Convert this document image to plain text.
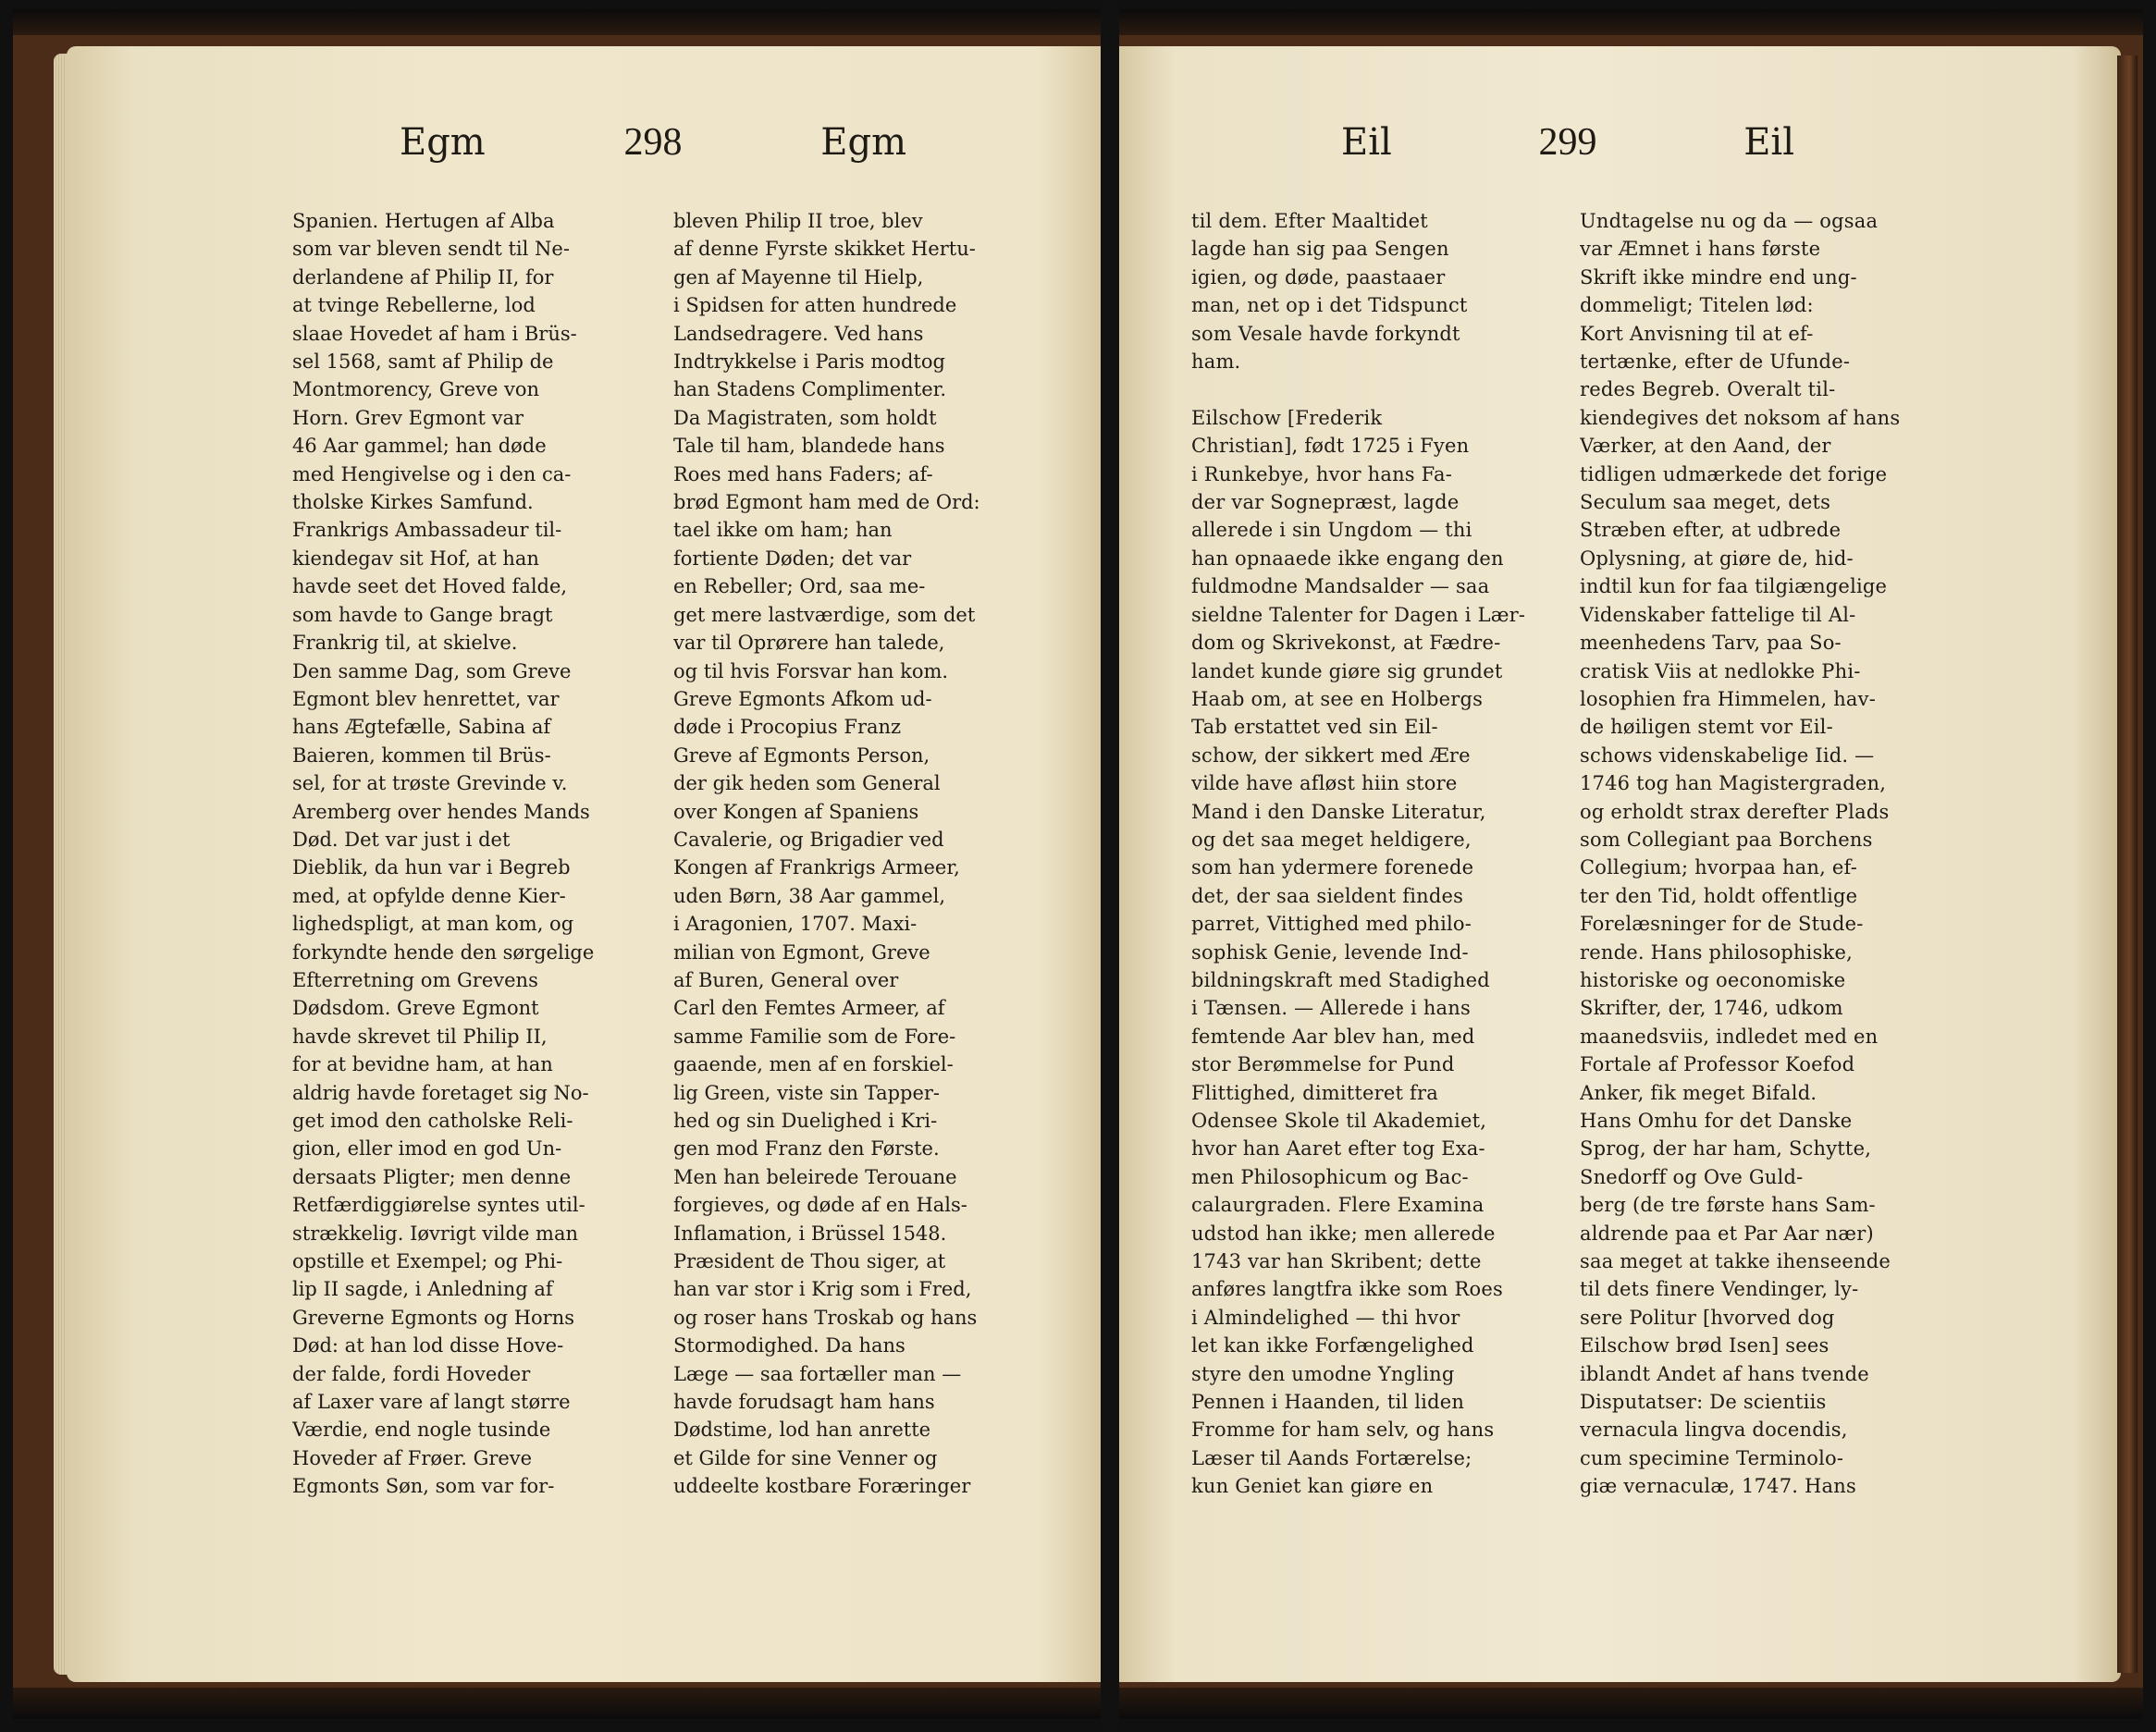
Egm	298	Egm	Eil	299	Eil
Spanien. Hertugen af Alba
som var bleven sendt til Ne-
derlandene af Philip II, for
at tvinge Rebellerne, lod
slaae Hovedet af ham i Brüs-
sel 1568, samt af Philip de
Montmorency, Greve von
Horn. Grev Egmont var
46 Aar gammel; han døde
med Hengivelse og i den ca-
tholske Kirkes Samfund.
Frankrigs Ambassadeur til-
kiendegav sit Hof, at han
havde seet det Hoved falde,
som havde to Gange bragt
Frankrig til, at skielve.
Den samme Dag, som Greve
Egmont blev henrettet, var
hans Ægtefælle, Sabina af
Baieren, kommen til Brüs-
sel, for at trøste Grevinde v.
Aremberg over hendes Mands
Død. Det var just i det
Dieblik, da hun var i Begreb
med, at opfylde denne Kier-
lighedspligt, at man kom, og
forkyndte hende den sørgelige
Efterretning om Grevens
Dødsdom. Greve Egmont
havde skrevet til Philip II,
for at bevidne ham, at han
aldrig havde foretaget sig No-
get imod den catholske Reli-
gion, eller imod en god Un-
dersaats Pligter; men denne
Retfærdiggiørelse syntes util-
strækkelig. Iøvrigt vilde man
opstille et Exempel; og Phi-
lip II sagde, i Anledning af
Greverne Egmonts og Horns
Død: at han lod disse Hove-
der falde, fordi Hoveder
af Laxer vare af langt større
Værdie, end nogle tusinde
Hoveder af Frøer. Greve
Egmonts Søn, som var for-
bleven Philip II troe, blev
af denne Fyrste skikket Hertu-
gen af Mayenne til Hielp,
i Spidsen for atten hundrede
Landsedragere. Ved hans
Indtrykkelse i Paris modtog
han Stadens Complimenter.
Da Magistraten, som holdt
Tale til ham, blandede hans
Roes med hans Faders; af-
brød Egmont ham med de Ord:
tael ikke om ham; han
fortiente Døden; det var
en Rebeller; Ord, saa me-
get mere lastværdige, som det
var til Oprørere han talede,
og til hvis Forsvar han kom.
Greve Egmonts Afkom ud-
døde i Procopius Franz
Greve af Egmonts Person,
der gik heden som General
over Kongen af Spaniens
Cavalerie, og Brigadier ved
Kongen af Frankrigs Armeer,
uden Børn, 38 Aar gammel,
i Aragonien, 1707. Maxi-
milian von Egmont, Greve
af Buren, General over
Carl den Femtes Armeer, af
samme Familie som de Fore-
gaaende, men af en forskiel-
lig Green, viste sin Tapper-
hed og sin Duelighed i Kri-
gen mod Franz den Første.
Men han beleirede Terouane
forgieves, og døde af en Hals-
Inflamation, i Brüssel 1548.
Præsident de Thou siger, at
han var stor i Krig som i Fred,
og roser hans Troskab og hans
Stormodighed. Da hans
Læge — saa fortæller man —
havde forudsagt ham hans
Dødstime, lod han anrette
et Gilde for sine Venner og
uddeelte kostbare Foræringer
til dem. Efter Maaltidet
lagde han sig paa Sengen
igien, og døde, paastaaer
man, net op i det Tidspunct
som Vesale havde forkyndt
ham.

Eilschow [Frederik
Christian], født 1725 i Fyen
i Runkebye, hvor hans Fa-
der var Sognepræst, lagde
allerede i sin Ungdom — thi
han opnaaede ikke engang den
fuldmodne Mandsalder — saa
sieldne Talenter for Dagen i Lær-
dom og Skrivekonst, at Fædre-
landet kunde giøre sig grundet
Haab om, at see en Holbergs
Tab erstattet ved sin Eil-
schow, der sikkert med Ære
vilde have afløst hiin store
Mand i den Danske Literatur,
og det saa meget heldigere,
som han ydermere forenede
det, der saa sieldent findes
parret, Vittighed med philo-
sophisk Genie, levende Ind-
bildningskraft med Stadighed
i Tænsen. — Allerede i hans
femtende Aar blev han, med
stor Berømmelse for Pund
Flittighed, dimitteret fra
Odensee Skole til Akademiet,
hvor han Aaret efter tog Exa-
men Philosophicum og Bac-
calaurgraden. Flere Examina
udstod han ikke; men allerede
1743 var han Skribent; dette
anføres langtfra ikke som Roes
i Almindelighed — thi hvor
let kan ikke Forfængelighed
styre den umodne Yngling
Pennen i Haanden, til liden
Fromme for ham selv, og hans
Læser til Aands Fortærelse;
kun Geniet kan giøre en
Undtagelse nu og da — ogsaa
var Æmnet i hans første
Skrift ikke mindre end ung-
dommeligt; Titelen lød:
Kort Anvisning til at ef-
tertænke, efter de Ufunde-
redes Begreb. Overalt til-
kiendegives det noksom af hans
Værker, at den Aand, der
tidligen udmærkede det forige
Seculum saa meget, dets
Stræben efter, at udbrede
Oplysning, at giøre de, hid-
indtil kun for faa tilgiængelige
Videnskaber fattelige til Al-
meenhedens Tarv, paa So-
cratisk Viis at nedlokke Phi-
losophien fra Himmelen, hav-
de høiligen stemt vor Eil-
schows videnskabelige Iid. —
1746 tog han Magistergraden,
og erholdt strax derefter Plads
som Collegiant paa Borchens
Collegium; hvorpaa han, ef-
ter den Tid, holdt offentlige
Forelæsninger for de Stude-
rende. Hans philosophiske,
historiske og oeconomiske
Skrifter, der, 1746, udkom
maanedsviis, indledet med en
Fortale af Professor Koefod
Anker, fik meget Bifald.
Hans Omhu for det Danske
Sprog, der har ham, Schytte,
Snedorff og Ove Guld-
berg (de tre første hans Sam-
aldrende paa et Par Aar nær)
saa meget at takke ihenseende
til dets finere Vendinger, ly-
sere Politur [hvorved dog
Eilschow brød Isen] sees
iblandt Andet af hans tvende
Disputatser: De scientiis
vernacula lingva docendis,
cum specimine Terminolo-
giæ vernaculæ, 1747. Hans
